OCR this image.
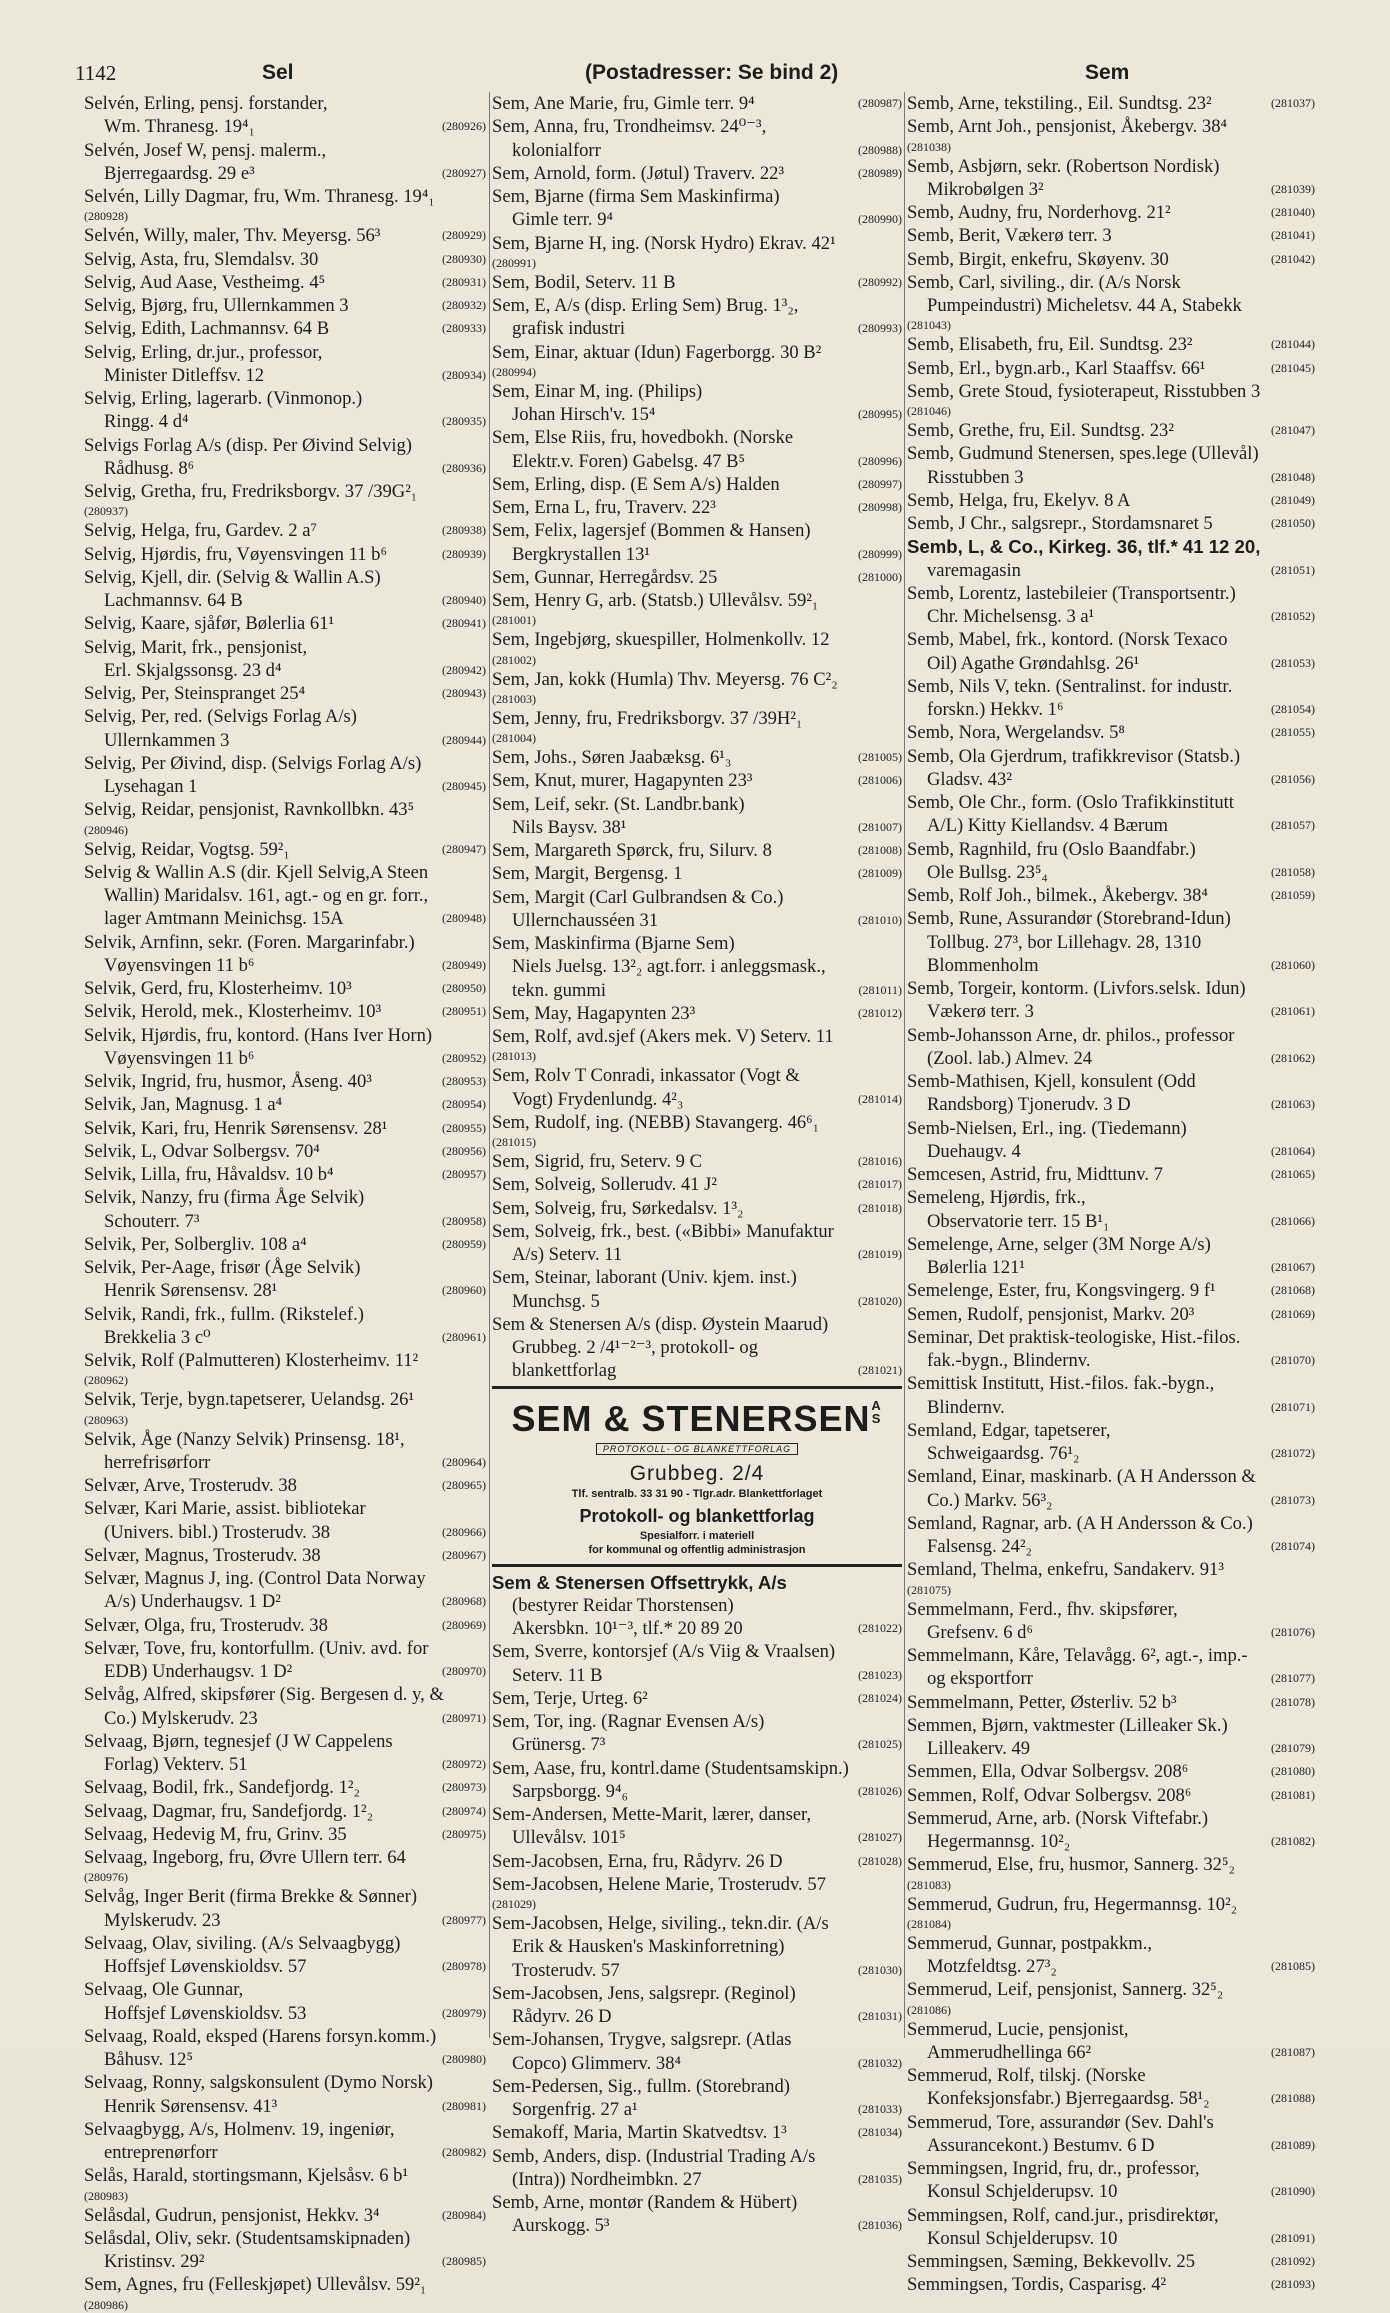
1142	Sel	(Postadresser: Se bind 2)	Sem
Selvén, Erling, pensj. forstander,
Wm. Thranesg. 19⁴₁	(280926)
Selvén, Josef W, pensj. malerm.,
Bjerregaardsg. 29 e³	(280927)
Selvén, Lilly Dagmar, fru, Wm. Thranesg. 19⁴₁
(280928)
Selvén, Willy, maler, Thv. Meyersg. 56³	(280929)
Selvig, Asta, fru, Slemdalsv. 30	(280930)
Selvig, Aud Aase, Vestheimg. 4⁵	(280931)
Selvig, Bjørg, fru, Ullernkammen 3	(280932)
Selvig, Edith, Lachmannsv. 64 B	(280933)
Selvig, Erling, dr.jur., professor,
Minister Ditleffsv. 12	(280934)
Selvig, Erling, lagerarb. (Vinmonop.)
Ringg. 4 d⁴	(280935)
Selvigs Forlag A/s (disp. Per Øivind Selvig)
Rådhusg. 8⁶	(280936)
Selvig, Gretha, fru, Fredriksborgv. 37 /39G²₁
(280937)
Selvig, Helga, fru, Gardev. 2 a⁷	(280938)
Selvig, Hjørdis, fru, Vøyensvingen 11 b⁶	(280939)
Selvig, Kjell, dir. (Selvig & Wallin A.S)
Lachmannsv. 64 B	(280940)
Selvig, Kaare, sjåfør, Bølerlia 61¹	(280941)
Selvig, Marit, frk., pensjonist,
Erl. Skjalgssonsg. 23 d⁴	(280942)
Selvig, Per, Steinspranget 25⁴	(280943)
Selvig, Per, red. (Selvigs Forlag A/s)
Ullernkammen 3	(280944)
Selvig, Per Øivind, disp. (Selvigs Forlag A/s)
Lysehagan 1	(280945)
Selvig, Reidar, pensjonist, Ravnkollbkn. 43⁵
(280946)
Selvig, Reidar, Vogtsg. 59²₁	(280947)
Selvig & Wallin A.S (dir. Kjell Selvig,A Steen
Wallin) Maridalsv. 161, agt.- og en gr. forr.,
lager Amtmann Meinichsg. 15A	(280948)
Selvik, Arnfinn, sekr. (Foren. Margarinfabr.)
Vøyensvingen 11 b⁶	(280949)
Selvik, Gerd, fru, Klosterheimv. 10³	(280950)
Selvik, Herold, mek., Klosterheimv. 10³	(280951)
Selvik, Hjørdis, fru, kontord. (Hans Iver Horn)
Vøyensvingen 11 b⁶	(280952)
Selvik, Ingrid, fru, husmor, Åseng. 40³	(280953)
Selvik, Jan, Magnusg. 1 a⁴	(280954)
Selvik, Kari, fru, Henrik Sørensensv. 28¹	(280955)
Selvik, L, Odvar Solbergsv. 70⁴	(280956)
Selvik, Lilla, fru, Håvaldsv. 10 b⁴	(280957)
Selvik, Nanzy, fru (firma Åge Selvik)
Schouterr. 7³	(280958)
Selvik, Per, Solbergliv. 108 a⁴	(280959)
Selvik, Per-Aage, frisør (Åge Selvik)
Henrik Sørensensv. 28¹	(280960)
Selvik, Randi, frk., fullm. (Rikstelef.)
Brekkelia 3 c⁰	(280961)
Selvik, Rolf (Palmutteren) Klosterheimv. 11²
(280962)
Selvik, Terje, bygn.tapetserer, Uelandsg. 26¹
(280963)
Selvik, Åge (Nanzy Selvik) Prinsensg. 18¹,
herrefrisørforr	(280964)
Selvær, Arve, Trosterudv. 38	(280965)
Selvær, Kari Marie, assist. bibliotekar
(Univers. bibl.) Trosterudv. 38	(280966)
Selvær, Magnus, Trosterudv. 38	(280967)
Selvær, Magnus J, ing. (Control Data Norway
A/s) Underhaugsv. 1 D²	(280968)
Selvær, Olga, fru, Trosterudv. 38	(280969)
Selvær, Tove, fru, kontorfullm. (Univ. avd. for
EDB) Underhaugsv. 1 D²	(280970)
Selvåg, Alfred, skipsfører (Sig. Bergesen d. y, &
Co.) Mylskerudv. 23	(280971)
Selvaag, Bjørn, tegnesjef (J W Cappelens
Forlag) Vekterv. 51	(280972)
Selvaag, Bodil, frk., Sandefjordg. 1²₂	(280973)
Selvaag, Dagmar, fru, Sandefjordg. 1²₂	(280974)
Selvaag, Hedevig M, fru, Grinv. 35	(280975)
Selvaag, Ingeborg, fru, Øvre Ullern terr. 64
(280976)
Selvåg, Inger Berit (firma Brekke & Sønner)
Mylskerudv. 23	(280977)
Selvaag, Olav, siviling. (A/s Selvaagbygg)
Hoffsjef Løvenskioldsv. 57	(280978)
Selvaag, Ole Gunnar,
Hoffsjef Løvenskioldsv. 53	(280979)
Selvaag, Roald, eksped (Harens forsyn.komm.)
Båhusv. 12⁵	(280980)
Selvaag, Ronny, salgskonsulent (Dymo Norsk)
Henrik Sørensensv. 41³	(280981)
Selvaagbygg, A/s, Holmenv. 19, ingeniør,
entreprenørforr	(280982)
Selås, Harald, stortingsmann, Kjelsåsv. 6 b¹
(280983)
Selåsdal, Gudrun, pensjonist, Hekkv. 3⁴	(280984)
Selåsdal, Oliv, sekr. (Studentsamskipnaden)
Kristinsv. 29²	(280985)
Sem, Agnes, fru (Felleskjøpet) Ullevålsv. 59²₁
(280986)
Sem, Ane Marie, fru, Gimle terr. 9⁴	(280987)
Sem, Anna, fru, Trondheimsv. 24⁰⁻³,
kolonialforr	(280988)
Sem, Arnold, form. (Jøtul) Traverv. 22³	(280989)
Sem, Bjarne (firma Sem Maskinfirma)
Gimle terr. 9⁴	(280990)
Sem, Bjarne H, ing. (Norsk Hydro) Ekrav. 42¹
(280991)
Sem, Bodil, Seterv. 11 B	(280992)
Sem, E, A/s (disp. Erling Sem) Brug. 1³₂,
grafisk industri	(280993)
Sem, Einar, aktuar (Idun) Fagerborgg. 30 B²
(280994)
Sem, Einar M, ing. (Philips)
Johan Hirsch'v. 15⁴	(280995)
Sem, Else Riis, fru, hovedbokh. (Norske
Elektr.v. Foren) Gabelsg. 47 B⁵	(280996)
Sem, Erling, disp. (E Sem A/s) Halden	(280997)
Sem, Erna L, fru, Traverv. 22³	(280998)
Sem, Felix, lagersjef (Bommen & Hansen)
Bergkrystallen 13¹	(280999)
Sem, Gunnar, Herregårdsv. 25	(281000)
Sem, Henry G, arb. (Statsb.) Ullevålsv. 59²₁
(281001)
Sem, Ingebjørg, skuespiller, Holmenkollv. 12
(281002)
Sem, Jan, kokk (Humla) Thv. Meyersg. 76 C²₂
(281003)
Sem, Jenny, fru, Fredriksborgv. 37 /39H²₁
(281004)
Sem, Johs., Søren Jaabæksg. 6¹₃	(281005)
Sem, Knut, murer, Hagapynten 23³	(281006)
Sem, Leif, sekr. (St. Landbr.bank)
Nils Baysv. 38¹	(281007)
Sem, Margareth Spørck, fru, Silurv. 8	(281008)
Sem, Margit, Bergensg. 1	(281009)
Sem, Margit (Carl Gulbrandsen & Co.)
Ullernchausséen 31	(281010)
Sem, Maskinfirma (Bjarne Sem)
Niels Juelsg. 13²₂ agt.forr. i anleggsmask.,
tekn. gummi	(281011)
Sem, May, Hagapynten 23³	(281012)
Sem, Rolf, avd.sjef (Akers mek. V) Seterv. 11
(281013)
Sem, Rolv T Conradi, inkassator (Vogt &
Vogt) Frydenlundg. 4²₃	(281014)
Sem, Rudolf, ing. (NEBB) Stavangerg. 46⁶₁
(281015)
Sem, Sigrid, fru, Seterv. 9 C	(281016)
Sem, Solveig, Sollerudv. 41 J²	(281017)
Sem, Solveig, fru, Sørkedalsv. 1³₂	(281018)
Sem, Solveig, frk., best. («Bibbi» Manufaktur
A/s) Seterv. 11	(281019)
Sem, Steinar, laborant (Univ. kjem. inst.)
Munchsg. 5	(281020)
Sem & Stenersen A/s (disp. Øystein Maarud)
Grubbeg. 2 /4¹⁻²⁻³, protokoll- og
blankettforlag	(281021)
SEM & STENERSENA S
PROTOKOLL- OG BLANKETTFORLAG
Grubbeg. 2/4
Tlf. sentralb. 33 31 90 - Tlgr.adr. Blankettforlaget
Protokoll- og blankettforlag
Spesialforr. i materiell
for kommunal og offentlig administrasjon
Sem & Stenersen Offsettrykk, A/s
(bestyrer Reidar Thorstensen)
Akersbkn. 10¹⁻³, tlf.* 20 89 20	(281022)
Sem, Sverre, kontorsjef (A/s Viig & Vraalsen)
Seterv. 11 B	(281023)
Sem, Terje, Urteg. 6²	(281024)
Sem, Tor, ing. (Ragnar Evensen A/s)
Grünersg. 7³	(281025)
Sem, Aase, fru, kontrl.dame (Studentsamskipn.)
Sarpsborgg. 9⁴₆	(281026)
Sem-Andersen, Mette-Marit, lærer, danser,
Ullevålsv. 101⁵	(281027)
Sem-Jacobsen, Erna, fru, Rådyrv. 26 D	(281028)
Sem-Jacobsen, Helene Marie, Trosterudv. 57
(281029)
Sem-Jacobsen, Helge, siviling., tekn.dir. (A/s
Erik & Hausken's Maskinforretning)
Trosterudv. 57	(281030)
Sem-Jacobsen, Jens, salgsrepr. (Reginol)
Rådyrv. 26 D	(281031)
Sem-Johansen, Trygve, salgsrepr. (Atlas
Copco) Glimmerv. 38⁴	(281032)
Sem-Pedersen, Sig., fullm. (Storebrand)
Sorgenfrig. 27 a¹	(281033)
Semakoff, Maria, Martin Skatvedtsv. 1³	(281034)
Semb, Anders, disp. (Industrial Trading A/s
(Intra)) Nordheimbkn. 27	(281035)
Semb, Arne, montør (Randem & Hübert)
Aurskogg. 5³	(281036)
Semb, Arne, tekstiling., Eil. Sundtsg. 23²	(281037)
Semb, Arnt Joh., pensjonist, Åkebergv. 38⁴
(281038)
Semb, Asbjørn, sekr. (Robertson Nordisk)
Mikrobølgen 3²	(281039)
Semb, Audny, fru, Norderhovg. 21²	(281040)
Semb, Berit, Vækerø terr. 3	(281041)
Semb, Birgit, enkefru, Skøyenv. 30	(281042)
Semb, Carl, siviling., dir. (A/s Norsk
Pumpeindustri) Micheletsv. 44 A, Stabekk
(281043)
Semb, Elisabeth, fru, Eil. Sundtsg. 23²	(281044)
Semb, Erl., bygn.arb., Karl Staaffsv. 66¹	(281045)
Semb, Grete Stoud, fysioterapeut, Risstubben 3
(281046)
Semb, Grethe, fru, Eil. Sundtsg. 23²	(281047)
Semb, Gudmund Stenersen, spes.lege (Ullevål)
Risstubben 3	(281048)
Semb, Helga, fru, Ekelyv. 8 A	(281049)
Semb, J Chr., salgsrepr., Stordamsnaret 5	(281050)
Semb, L, & Co., Kirkeg. 36, tlf.* 41 12 20,
varemagasin	(281051)
Semb, Lorentz, lastebileier (Transportsentr.)
Chr. Michelsensg. 3 a¹	(281052)
Semb, Mabel, frk., kontord. (Norsk Texaco
Oil) Agathe Grøndahlsg. 26¹	(281053)
Semb, Nils V, tekn. (Sentralinst. for industr.
forskn.) Hekkv. 1⁶	(281054)
Semb, Nora, Wergelandsv. 5⁸	(281055)
Semb, Ola Gjerdrum, trafikkrevisor (Statsb.)
Gladsv. 43²	(281056)
Semb, Ole Chr., form. (Oslo Trafikkinstitutt
A/L) Kitty Kiellandsv. 4 Bærum	(281057)
Semb, Ragnhild, fru (Oslo Baandfabr.)
Ole Bullsg. 23⁵₄	(281058)
Semb, Rolf Joh., bilmek., Åkebergv. 38⁴	(281059)
Semb, Rune, Assurandør (Storebrand-Idun)
Tollbug. 27³, bor Lillehagv. 28, 1310
Blommenholm	(281060)
Semb, Torgeir, kontorm. (Livfors.selsk. Idun)
Vækerø terr. 3	(281061)
Semb-Johansson Arne, dr. philos., professor
(Zool. lab.) Almev. 24	(281062)
Semb-Mathisen, Kjell, konsulent (Odd
Randsborg) Tjonerudv. 3 D	(281063)
Semb-Nielsen, Erl., ing. (Tiedemann)
Duehaugv. 4	(281064)
Semcesen, Astrid, fru, Midttunv. 7	(281065)
Semeleng, Hjørdis, frk.,
Observatorie terr. 15 B¹₁	(281066)
Semelenge, Arne, selger (3M Norge A/s)
Bølerlia 121¹	(281067)
Semelenge, Ester, fru, Kongsvingerg. 9 f¹	(281068)
Semen, Rudolf, pensjonist, Markv. 20³	(281069)
Seminar, Det praktisk-teologiske, Hist.-filos.
fak.-bygn., Blindernv.	(281070)
Semittisk Institutt, Hist.-filos. fak.-bygn.,
Blindernv.	(281071)
Semland, Edgar, tapetserer,
Schweigaardsg. 76¹₂	(281072)
Semland, Einar, maskinarb. (A H Andersson &
Co.) Markv. 56³₂	(281073)
Semland, Ragnar, arb. (A H Andersson & Co.)
Falsensg. 24²₂	(281074)
Semland, Thelma, enkefru, Sandakerv. 91³
(281075)
Semmelmann, Ferd., fhv. skipsfører,
Grefsenv. 6 d⁶	(281076)
Semmelmann, Kåre, Telavågg. 6², agt.-, imp.-
og eksportforr	(281077)
Semmelmann, Petter, Østerliv. 52 b³	(281078)
Semmen, Bjørn, vaktmester (Lilleaker Sk.)
Lilleakerv. 49	(281079)
Semmen, Ella, Odvar Solbergsv. 208⁶	(281080)
Semmen, Rolf, Odvar Solbergsv. 208⁶	(281081)
Semmerud, Arne, arb. (Norsk Viftefabr.)
Hegermannsg. 10²₂	(281082)
Semmerud, Else, fru, husmor, Sannerg. 32⁵₂
(281083)
Semmerud, Gudrun, fru, Hegermannsg. 10²₂
(281084)
Semmerud, Gunnar, postpakkm.,
Motzfeldtsg. 27³₂	(281085)
Semmerud, Leif, pensjonist, Sannerg. 32⁵₂
(281086)
Semmerud, Lucie, pensjonist,
Ammerudhellinga 66²	(281087)
Semmerud, Rolf, tilskj. (Norske
Konfeksjonsfabr.) Bjerregaardsg. 58¹₂	(281088)
Semmerud, Tore, assurandør (Sev. Dahl's
Assurancekont.) Bestumv. 6 D	(281089)
Semmingsen, Ingrid, fru, dr., professor,
Konsul Schjelderupsv. 10	(281090)
Semmingsen, Rolf, cand.jur., prisdirektør,
Konsul Schjelderupsv. 10	(281091)
Semmingsen, Sæming, Bekkevollv. 25	(281092)
Semmingsen, Tordis, Casparisg. 4²	(281093)
